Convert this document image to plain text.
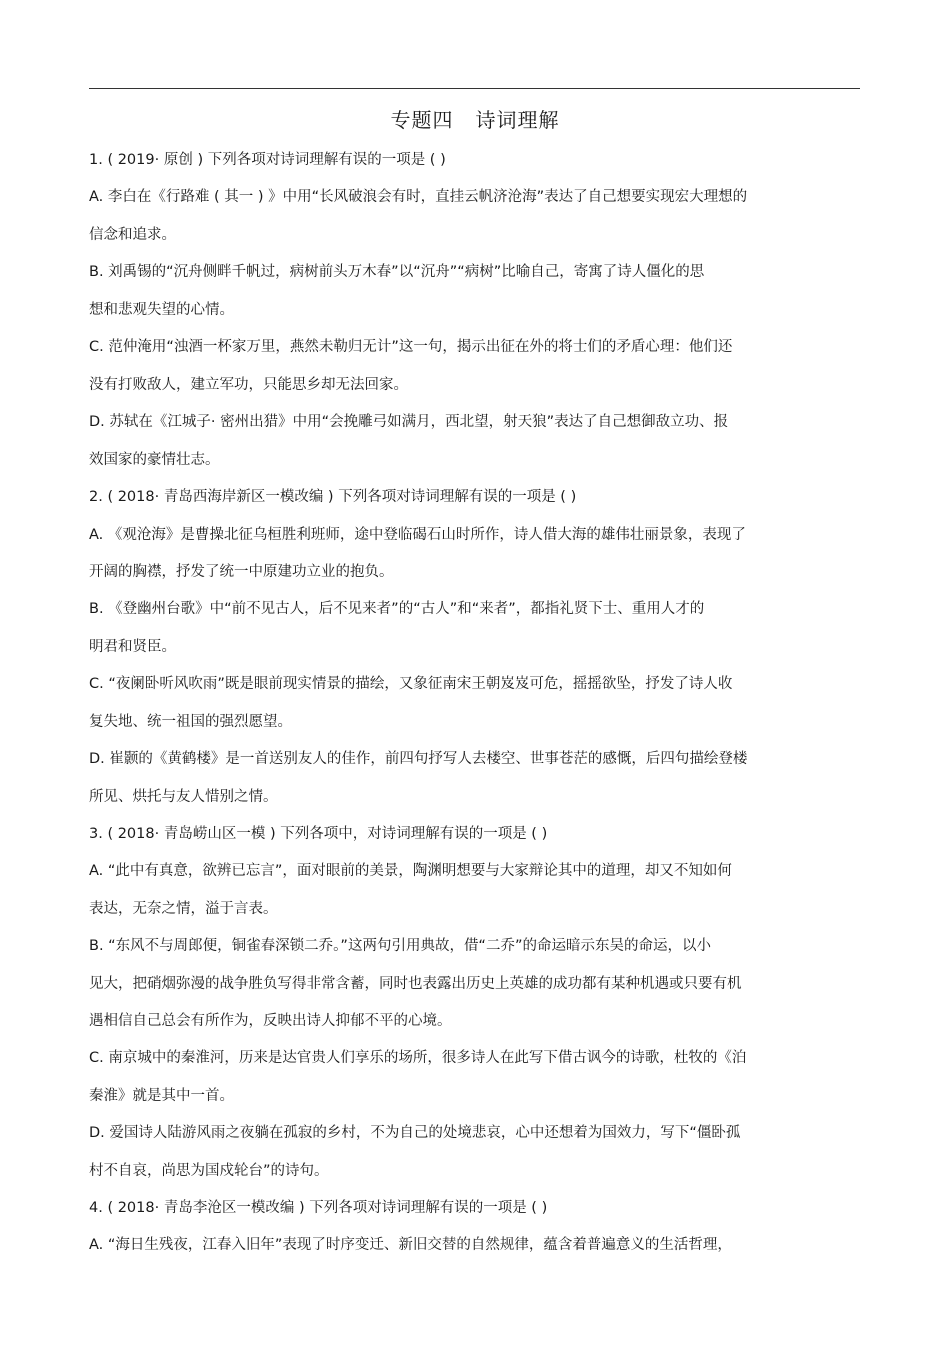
专题四 诗词理解
1. ( 2019· 原创 ) 下列各项对诗词理解有误的一项是 ( )
A. 李白在《行路难 ( 其一 ) 》中用“长风破浪会有时，直挂云帆济沧海”表达了自己想要实现宏大理想的
信念和追求。
B. 刘禹锡的“沉舟侧畔千帆过，病树前头万木春”以“沉舟”“病树”比喻自己，寄寓了诗人僵化的思
想和悲观失望的心情。
C. 范仲淹用“浊酒一杯家万里，燕然未勒归无计”这一句，揭示出征在外的将士们的矛盾心理：他们还
没有打败敌人，建立军功，只能思乡却无法回家。
D. 苏轼在《江城子· 密州出猎》中用“会挽雕弓如满月，西北望，射天狼”表达了自己想御敌立功、报
效国家的豪情壮志。
2. ( 2018· 青岛西海岸新区一模改编 ) 下列各项对诗词理解有误的一项是 ( )
A. 《观沧海》是曹操北征乌桓胜利班师，途中登临碣石山时所作，诗人借大海的雄伟壮丽景象，表现了
开阔的胸襟，抒发了统一中原建功立业的抱负。
B. 《登幽州台歌》中“前不见古人，后不见来者”的“古人”和“来者”，都指礼贤下士、重用人才的
明君和贤臣。
C. “夜阑卧听风吹雨”既是眼前现实情景的描绘，又象征南宋王朝岌岌可危，摇摇欲坠，抒发了诗人收
复失地、统一祖国的强烈愿望。
D. 崔颢的《黄鹤楼》是一首送别友人的佳作，前四句抒写人去楼空、世事苍茫的感慨，后四句描绘登楼
所见、烘托与友人惜别之情。
3. ( 2018· 青岛崂山区一模 ) 下列各项中，对诗词理解有误的一项是 ( )
A. “此中有真意，欲辨已忘言”，面对眼前的美景，陶渊明想要与大家辩论其中的道理，却又不知如何
表达，无奈之情，溢于言表。
B. “东风不与周郎便，铜雀春深锁二乔。”这两句引用典故，借“二乔”的命运暗示东吴的命运，以小
见大，把硝烟弥漫的战争胜负写得非常含蓄，同时也表露出历史上英雄的成功都有某种机遇或只要有机
遇相信自己总会有所作为，反映出诗人抑郁不平的心境。
C. 南京城中的秦淮河，历来是达官贵人们享乐的场所，很多诗人在此写下借古讽今的诗歌，杜牧的《泊
秦淮》就是其中一首。
D. 爱国诗人陆游风雨之夜躺在孤寂的乡村，不为自己的处境悲哀，心中还想着为国效力，写下“僵卧孤
村不自哀，尚思为国戍轮台”的诗句。
4. ( 2018· 青岛李沧区一模改编 ) 下列各项对诗词理解有误的一项是 ( )
A. “海日生残夜，江春入旧年”表现了时序变迁、新旧交替的自然规律，蕴含着普遍意义的生活哲理，
